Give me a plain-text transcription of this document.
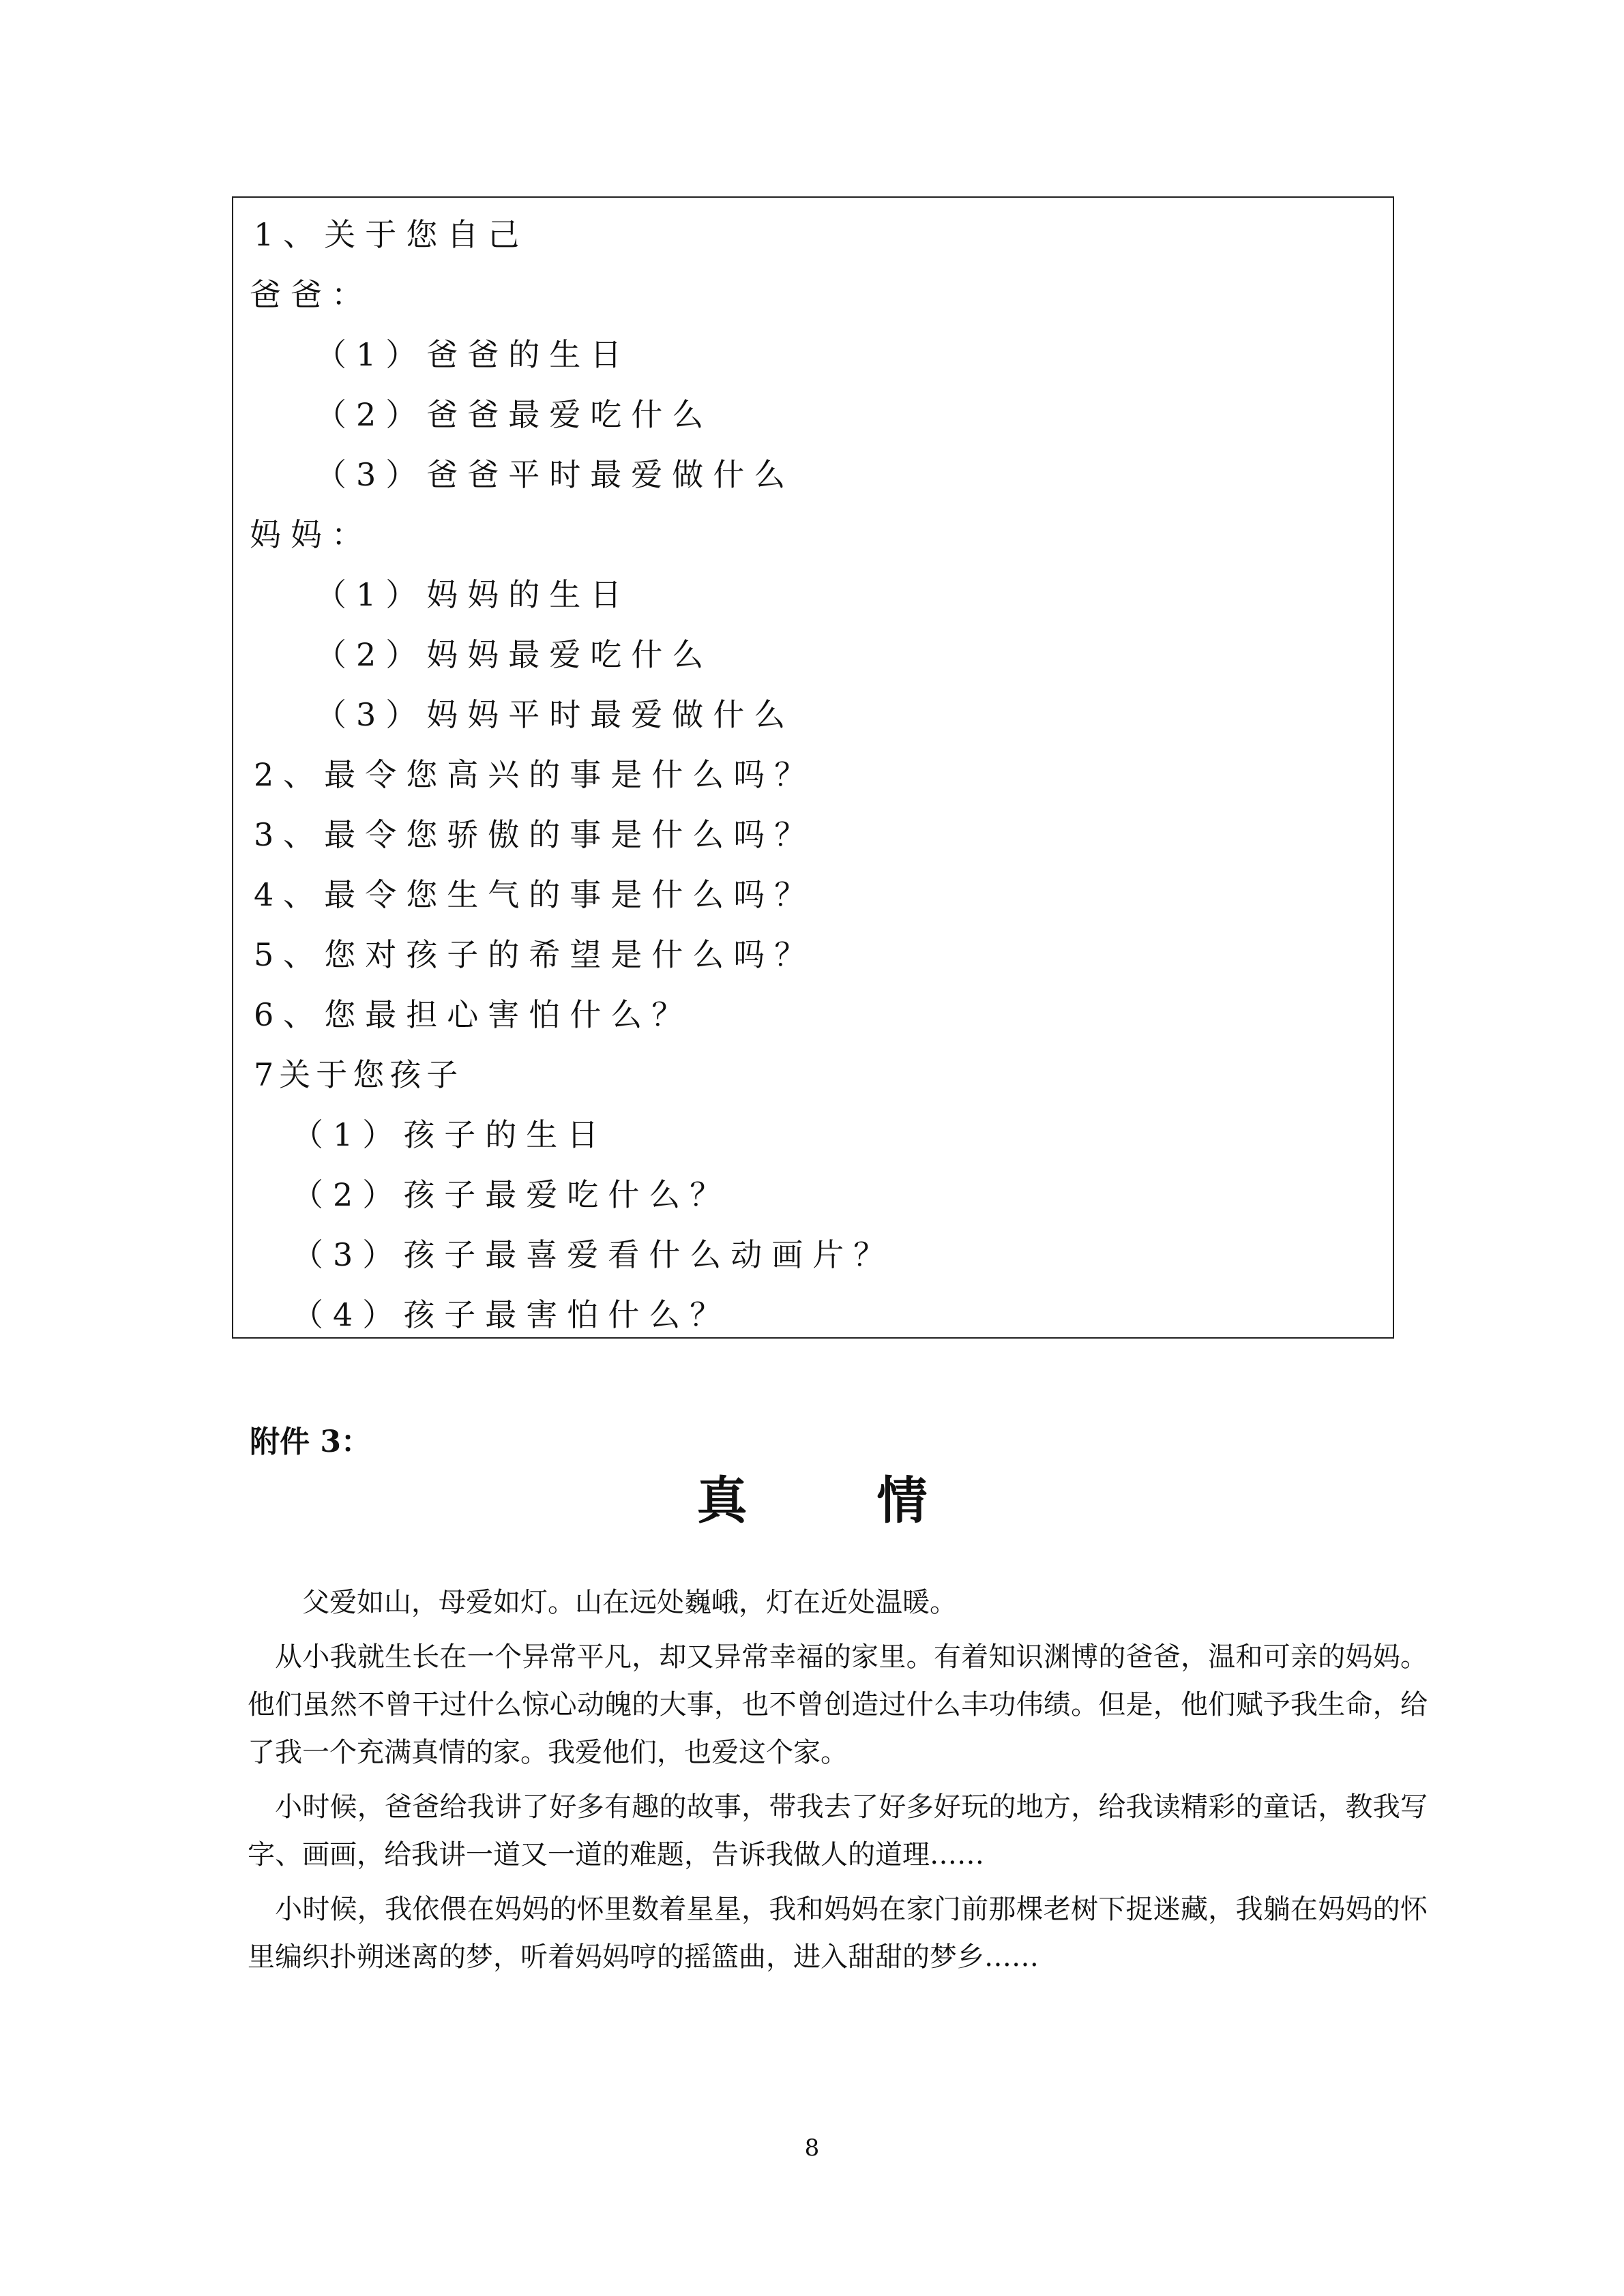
1、关于您自己
爸爸：
（1）爸爸的生日
（2）爸爸最爱吃什么
（3）爸爸平时最爱做什么
妈妈：
（1）妈妈的生日
（2）妈妈最爱吃什么
（3）妈妈平时最爱做什么
2、最令您高兴的事是什么吗？
3、最令您骄傲的事是什么吗？
4、最令您生气的事是什么吗？
5、您对孩子的希望是什么吗？
6、您最担心害怕什么？
7关于您孩子
（1）孩子的生日
（2）孩子最爱吃什么？
（3）孩子最喜爱看什么动画片？
（4）孩子最害怕什么？
附件 3：
真	情
父爱如山，母爱如灯。山在远处巍峨，灯在近处温暖。
从小我就生长在一个异常平凡，却又异常幸福的家里。有着知识渊博的爸爸，温和可亲的妈妈。他们虽然不曾干过什么惊心动魄的大事，也不曾创造过什么丰功伟绩。但是，他们赋予我生命，给了我一个充满真情的家。我爱他们，也爱这个家。
小时候，爸爸给我讲了好多有趣的故事，带我去了好多好玩的地方，给我读精彩的童话，教我写字、画画，给我讲一道又一道的难题，告诉我做人的道理……
小时候，我依偎在妈妈的怀里数着星星，我和妈妈在家门前那棵老树下捉迷藏，我躺在妈妈的怀里编织扑朔迷离的梦，听着妈妈哼的摇篮曲，进入甜甜的梦乡……
8
